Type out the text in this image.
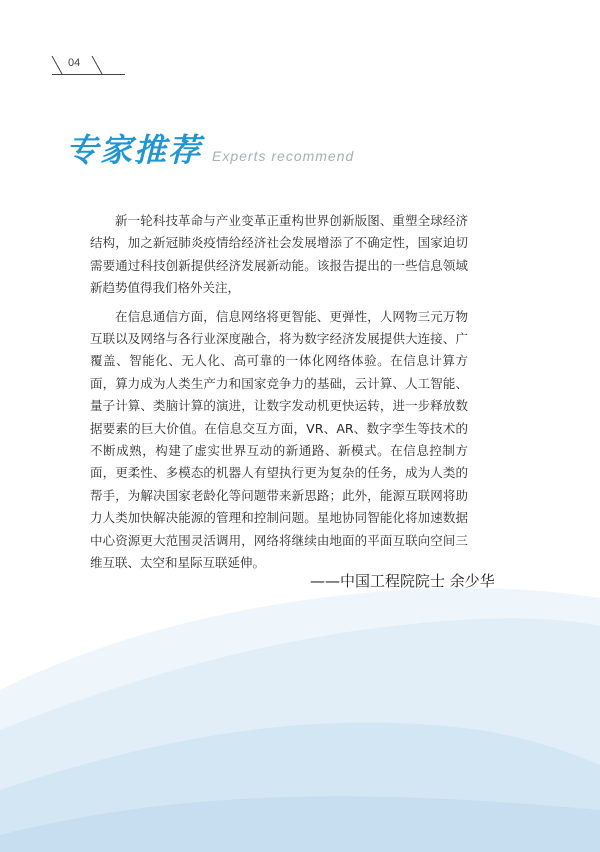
04
专家推荐 Experts recommend

新一轮科技革命与产业变革正重构世界创新版图、重塑全球经济结构，加之新冠肺炎疫情给经济社会发展增添了不确定性，国家迫切需要通过科技创新提供经济发展新动能。该报告提出的一些信息领域新趋势值得我们格外关注，

在信息通信方面，信息网络将更智能、更弹性，人网物三元万物互联以及网络与各行业深度融合，将为数字经济发展提供大连接、广覆盖、智能化、无人化、高可靠的一体化网络体验。在信息计算方面，算力成为人类生产力和国家竞争力的基础，云计算、人工智能、量子计算、类脑计算的演进，让数字发动机更快运转，进一步释放数据要素的巨大价值。在信息交互方面，VR、AR、数字孪生等技术的不断成熟，构建了虚实世界互动的新通路、新模式。在信息控制方面，更柔性、多模态的机器人有望执行更为复杂的任务，成为人类的帮手，为解决国家老龄化等问题带来新思路；此外，能源互联网将助力人类加快解决能源的管理和控制问题。星地协同智能化将加速数据中心资源更大范围灵活调用，网络将继续由地面的平面互联向空间三维互联、太空和星际互联延伸。

——中国工程院院士 余少华
